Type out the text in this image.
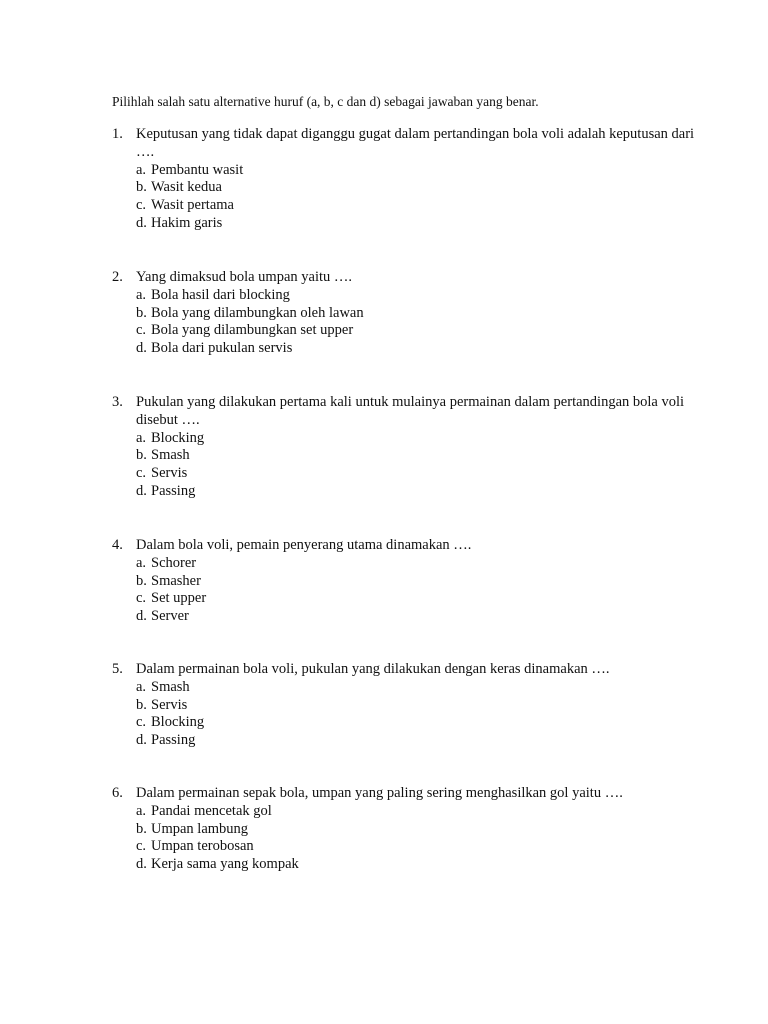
Pilihlah salah satu alternative huruf (a, b, c dan d) sebagai jawaban yang benar.
1. Keputusan yang tidak dapat diganggu gugat dalam pertandingan bola voli adalah keputusan dari ….
a. Pembantu wasit
b. Wasit kedua
c. Wasit pertama
d. Hakim garis
2. Yang dimaksud bola umpan yaitu ….
a. Bola hasil dari blocking
b. Bola yang dilambungkan oleh lawan
c. Bola yang dilambungkan set upper
d. Bola dari pukulan servis
3. Pukulan yang dilakukan pertama kali untuk mulainya permainan dalam pertandingan bola voli disebut ….
a. Blocking
b. Smash
c. Servis
d. Passing
4. Dalam bola voli, pemain penyerang utama dinamakan ….
a. Schorer
b. Smasher
c. Set upper
d. Server
5. Dalam permainan bola voli, pukulan yang dilakukan dengan keras dinamakan ….
a. Smash
b. Servis
c. Blocking
d. Passing
6. Dalam permainan sepak bola, umpan yang paling sering menghasilkan gol yaitu ….
a. Pandai mencetak gol
b. Umpan lambung
c. Umpan terobosan
d. Kerja sama yang kompak
